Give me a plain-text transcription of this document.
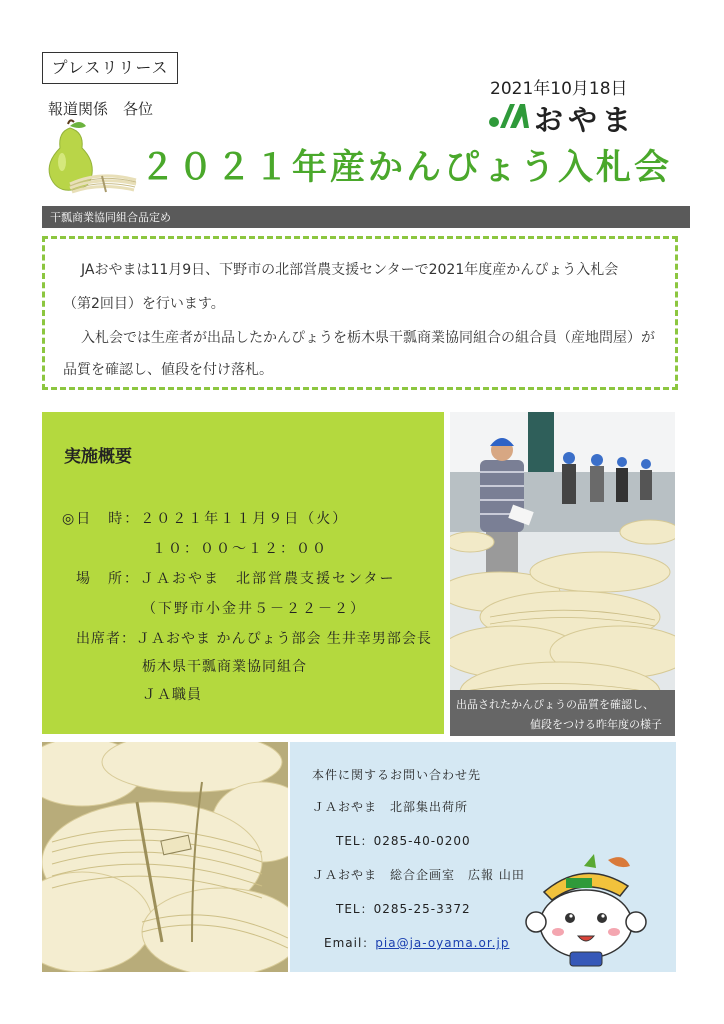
プレスリリース
報道関係　各位
2021年10月18日
おやま
２０２１年産かんぴょう入札会
干瓢商業協同組合品定め

JAおやまは11月9日、下野市の北部営農支援センターで2021年度産かんぴょう入札会

（第2回目）を行います。

入札会では生産者が出品したかんぴょうを栃木県干瓢商業協同組合の組合員（産地問屋）が

品質を確認し、値段を付け落札。

実施概要
◎日　時：２０２１年１１月９日（火）
１０：００～１２：００
場　所：ＪＡおやま　北部営農支援センター
（下野市小金井５－２２－２）
出席者：ＪＡおやま かんぴょう部会 生井幸男部会長
栃木県干瓢商業協同組合
ＪＡ職員
出品されたかんぴょうの品質を確認し、
値段をつける昨年度の様子
本件に関するお問い合わせ先
ＪＡおやま　北部集出荷所
TEL：0285-40-0200
ＪＡおやま　総合企画室　広報 山田
TEL：0285-25-3372
Email：pia@ja-oyama.or.jp
